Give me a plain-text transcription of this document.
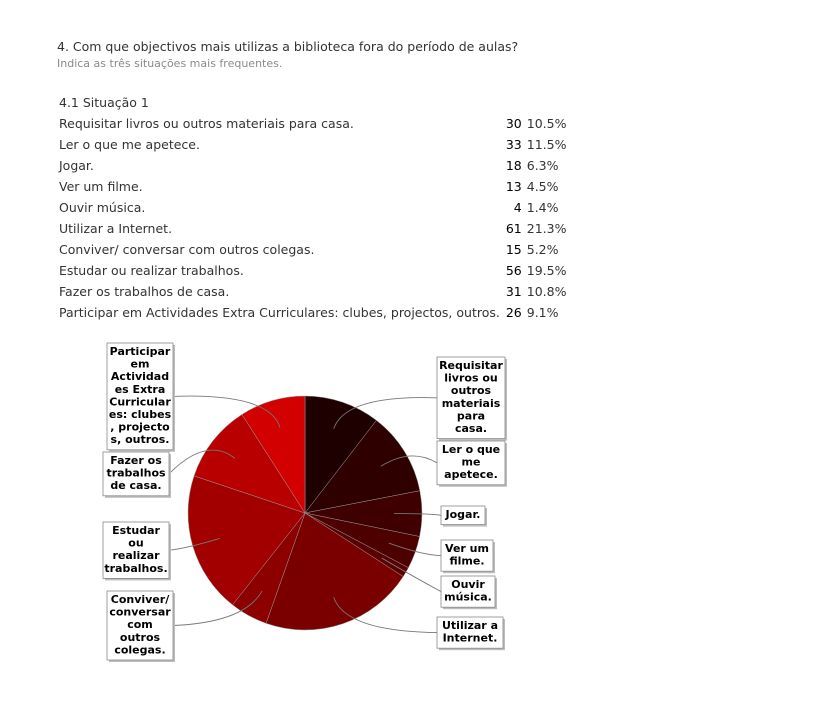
4. Com que objectivos mais utilizas a biblioteca fora do período de aulas?
Indica as três situações mais frequentes.
4.1 Situação 1
Requisitar livros ou outros materiais para casa.	30	10.5%
Ler o que me apetece.	33	11.5%
Jogar.	18	6.3%
Ver um filme.	13	4.5%
Ouvir música.	4	1.4%
Utilizar a Internet.	61	21.3%
Conviver/ conversar com outros colegas.	15	5.2%
Estudar ou realizar trabalhos.	56	19.5%
Fazer os trabalhos de casa.	31	10.8%
Participar em Actividades Extra Curriculares: clubes, projectos, outros.	26	9.1%
Requisitar
livros ou
outros
materiais
para
casa.
Ler o que
me
apetece.
Jogar.
Ver um
filme.
Ouvir
música.
Utilizar a
Internet.
Conviver/
conversar
com
outros
colegas.
Estudar
ou
realizar
trabalhos.
Fazer os
trabalhos
de casa.
Participar
em
Actividad
es Extra
Curricular
es: clubes
, projecto
s, outros.
